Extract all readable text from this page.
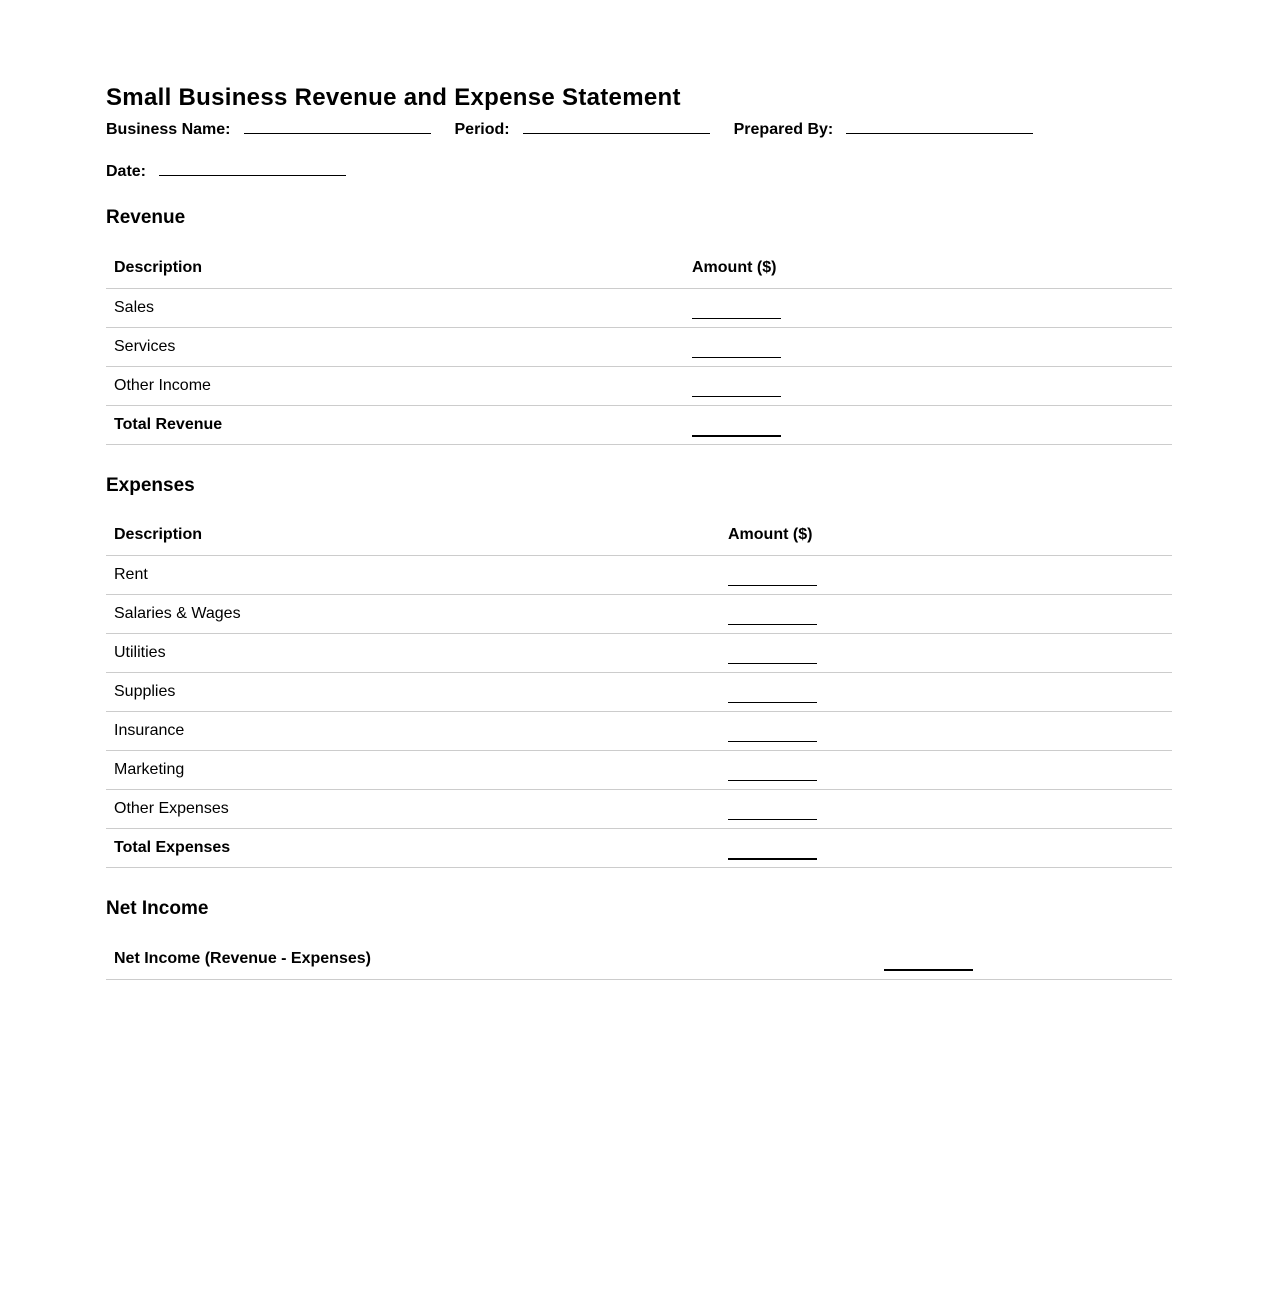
Small Business Revenue and Expense Statement
Business Name:	Period:	Prepared By:
Date:
Revenue
Description	Amount ($)
Sales	
Services	
Other Income	
Total Revenue	
Expenses
Description	Amount ($)
Rent	
Salaries & Wages	
Utilities	
Supplies	
Insurance	
Marketing	
Other Expenses	
Total Expenses	
Net Income
Net Income (Revenue - Expenses)	
